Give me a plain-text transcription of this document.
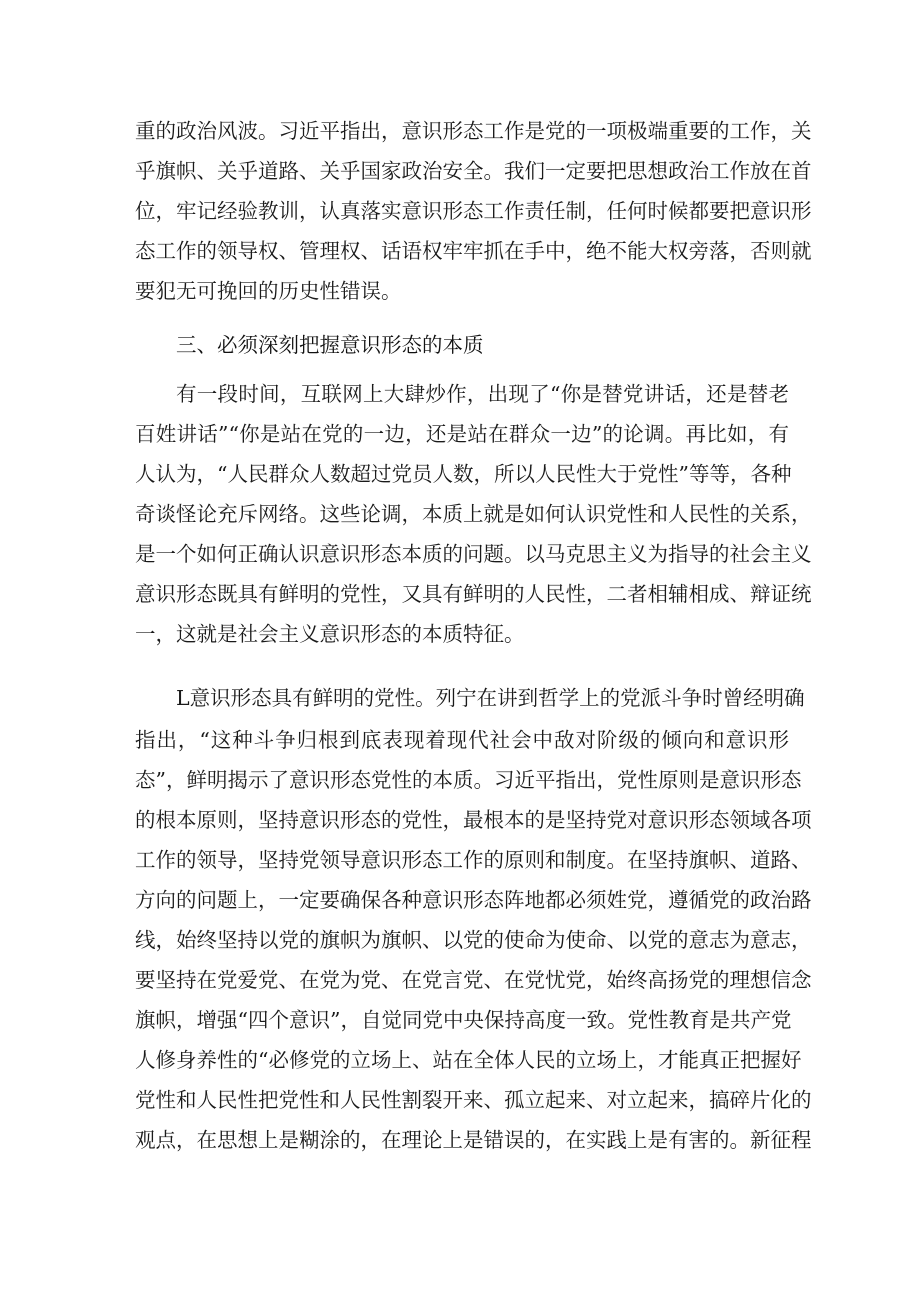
重的政治风波。习近平指出，意识形态工作是党的一项极端重要的工作，关
乎旗帜、关乎道路、关乎国家政治安全。我们一定要把思想政治工作放在首
位，牢记经验教训，认真落实意识形态工作责任制，任何时候都要把意识形
态工作的领导权、管理权、话语权牢牢抓在手中，绝不能大权旁落，否则就
要犯无可挽回的历史性错误。
三、必须深刻把握意识形态的本质
有一段时间，互联网上大肆炒作，出现了“你是替党讲话，还是替老
百姓讲话”“你是站在党的一边，还是站在群众一边”的论调。再比如，有
人认为，“人民群众人数超过党员人数，所以人民性大于党性”等等，各种
奇谈怪论充斥网络。这些论调，本质上就是如何认识党性和人民性的关系，
是一个如何正确认识意识形态本质的问题。以马克思主义为指导的社会主义
意识形态既具有鲜明的党性，又具有鲜明的人民性，二者相辅相成、辩证统
一，这就是社会主义意识形态的本质特征。
L意识形态具有鲜明的党性。列宁在讲到哲学上的党派斗争时曾经明确
指出，“这种斗争归根到底表现着现代社会中敌对阶级的倾向和意识形
态”，鲜明揭示了意识形态党性的本质。习近平指出，党性原则是意识形态
的根本原则，坚持意识形态的党性，最根本的是坚持党对意识形态领域各项
工作的领导，坚持党领导意识形态工作的原则和制度。在坚持旗帜、道路、
方向的问题上，一定要确保各种意识形态阵地都必须姓党，遵循党的政治路
线，始终坚持以党的旗帜为旗帜、以党的使命为使命、以党的意志为意志，
要坚持在党爱党、在党为党、在党言党、在党忧党，始终高扬党的理想信念
旗帜，增强“四个意识”，自觉同党中央保持高度一致。党性教育是共产党
人修身养性的“必修党的立场上、站在全体人民的立场上，才能真正把握好
党性和人民性把党性和人民性割裂开来、孤立起来、对立起来，搞碎片化的
观点，在思想上是糊涂的，在理论上是错误的，在实践上是有害的。新征程
